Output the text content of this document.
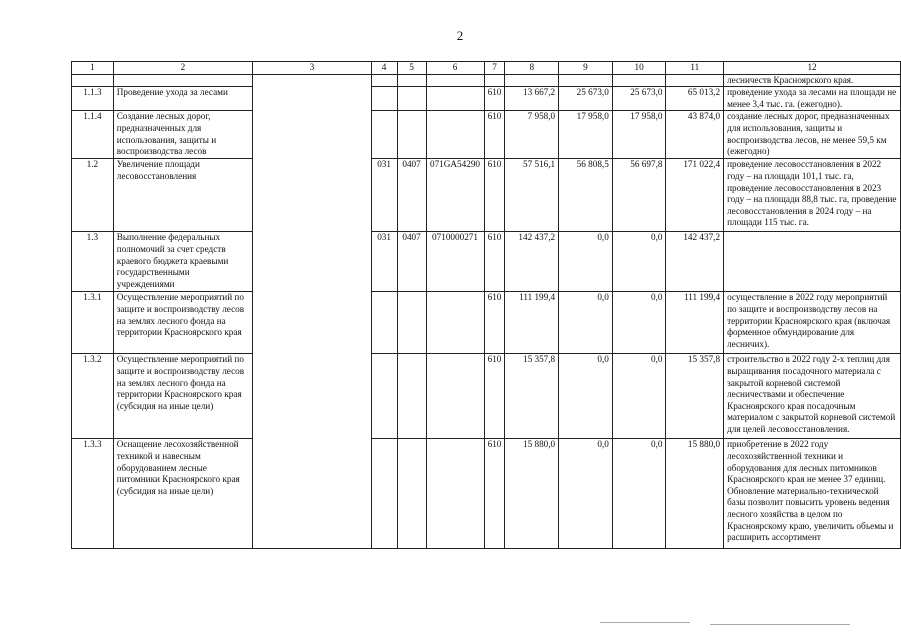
2
1	2	3	4	5	6	7	8	9	10	11	12
											лесничеств Красноярского края.
1.1.3	Проведение ухода за лесами					610	13 667,2	25 673,0	25 673,0	65 013,2	проведение ухода за лесами на площади не менее 3,4 тыс. га. (ежегодно).
1.1.4	Создание лесных дорог, предназначенных для использования, защиты и воспроизводства лесов					610	7 958,0	17 958,0	17 958,0	43 874,0	создание лесных дорог, предназначенных для использования, защиты и воспроизводства лесов, не менее 59,5 км (ежегодно)
1.2	Увеличение площади лесовосстановления		031	0407	071GA54290	610	57 516,1	56 808,5	56 697,8	171 022,4	проведение лесовосстановления в 2022 году – на площади 101,1 тыс. га, проведение лесовосстановления в 2023 году – на площади 88,8 тыс. га, проведение лесовосстановления в 2024 году – на площади 115 тыс. га.
1.3	Выполнение федеральных полномочий за счет средств краевого бюджета краевыми государственными учреждениями		031	0407	0710000271	610	142 437,2	0,0	0,0	142 437,2	
1.3.1	Осуществление мероприятий по защите и воспроизводству лесов на землях лесного фонда на территории Красноярского края					610	111 199,4	0,0	0,0	111 199,4	осуществление в 2022 году мероприятий по защите и воспроизводству лесов на территории Красноярского края (включая форменное обмундирование для лесничих).
1.3.2	Осуществление мероприятий по защите и воспроизводству лесов на землях лесного фонда на территории Красноярского края (субсидия на иные цели)					610	15 357,8	0,0	0,0	15 357,8	строительство в 2022 году 2-х теплиц для выращивания посадочного материала с закрытой корневой системой лесничествами и обеспечение Красноярского края посадочным материалом с закрытой корневой системой для целей лесовосстановления.
1.3.3	Оснащение лесохозяйственной техникой и навесным оборудованием лесные питомники Красноярского края (субсидия на иные цели)					610	15 880,0	0,0	0,0	15 880,0	приобретение в 2022 году лесохозяйственной техники и оборудования для лесных питомников Красноярского края не менее 37 единиц. Обновление материально-технической базы позволит повысить уровень ведения лесного хозяйства в целом по Красноярскому краю, увеличить объемы и расширить ассортимент
